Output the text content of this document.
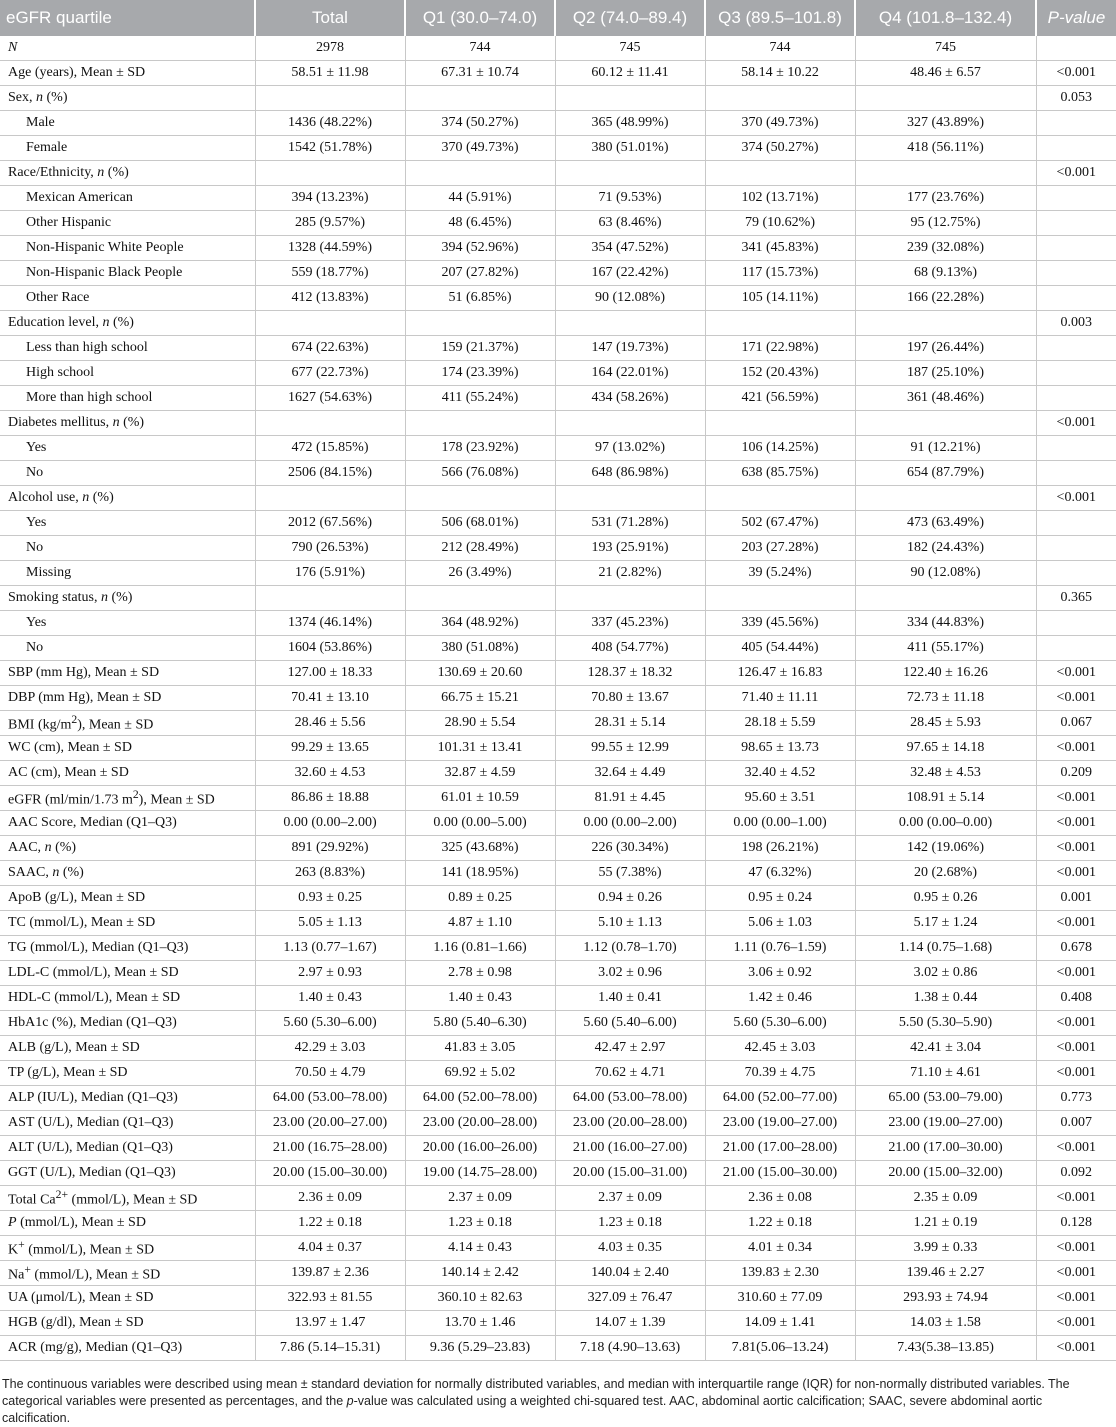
eGFR quartile	Total	Q1 (30.0–74.0)	Q2 (74.0–89.4)	Q3 (89.5–101.8)	Q4 (101.8–132.4)	P-value
N	2978	744	745	744	745	
Age (years), Mean ± SD	58.51 ± 11.98	67.31 ± 10.74	60.12 ± 11.41	58.14 ± 10.22	48.46 ± 6.57	<0.001
Sex, n (%)						0.053
Male	1436 (48.22%)	374 (50.27%)	365 (48.99%)	370 (49.73%)	327 (43.89%)	
Female	1542 (51.78%)	370 (49.73%)	380 (51.01%)	374 (50.27%)	418 (56.11%)	
Race/Ethnicity, n (%)						<0.001
Mexican American	394 (13.23%)	44 (5.91%)	71 (9.53%)	102 (13.71%)	177 (23.76%)	
Other Hispanic	285 (9.57%)	48 (6.45%)	63 (8.46%)	79 (10.62%)	95 (12.75%)	
Non-Hispanic White People	1328 (44.59%)	394 (52.96%)	354 (47.52%)	341 (45.83%)	239 (32.08%)	
Non-Hispanic Black People	559 (18.77%)	207 (27.82%)	167 (22.42%)	117 (15.73%)	68 (9.13%)	
Other Race	412 (13.83%)	51 (6.85%)	90 (12.08%)	105 (14.11%)	166 (22.28%)	
Education level, n (%)						0.003
Less than high school	674 (22.63%)	159 (21.37%)	147 (19.73%)	171 (22.98%)	197 (26.44%)	
High school	677 (22.73%)	174 (23.39%)	164 (22.01%)	152 (20.43%)	187 (25.10%)	
More than high school	1627 (54.63%)	411 (55.24%)	434 (58.26%)	421 (56.59%)	361 (48.46%)	
Diabetes mellitus, n (%)						<0.001
Yes	472 (15.85%)	178 (23.92%)	97 (13.02%)	106 (14.25%)	91 (12.21%)	
No	2506 (84.15%)	566 (76.08%)	648 (86.98%)	638 (85.75%)	654 (87.79%)	
Alcohol use, n (%)						<0.001
Yes	2012 (67.56%)	506 (68.01%)	531 (71.28%)	502 (67.47%)	473 (63.49%)	
No	790 (26.53%)	212 (28.49%)	193 (25.91%)	203 (27.28%)	182 (24.43%)	
Missing	176 (5.91%)	26 (3.49%)	21 (2.82%)	39 (5.24%)	90 (12.08%)	
Smoking status, n (%)						0.365
Yes	1374 (46.14%)	364 (48.92%)	337 (45.23%)	339 (45.56%)	334 (44.83%)	
No	1604 (53.86%)	380 (51.08%)	408 (54.77%)	405 (54.44%)	411 (55.17%)	
SBP (mm Hg), Mean ± SD	127.00 ± 18.33	130.69 ± 20.60	128.37 ± 18.32	126.47 ± 16.83	122.40 ± 16.26	<0.001
DBP (mm Hg), Mean ± SD	70.41 ± 13.10	66.75 ± 15.21	70.80 ± 13.67	71.40 ± 11.11	72.73 ± 11.18	<0.001
BMI $(kg/m^2)$, Mean ± SD	28.46 ± 5.56	28.90 ± 5.54	28.31 ± 5.14	28.18 ± 5.59	28.45 ± 5.93	0.067
WC (cm), Mean ± SD	99.29 ± 13.65	101.31 ± 13.41	99.55 ± 12.99	98.65 ± 13.73	97.65 ± 14.18	<0.001
AC (cm), Mean ± SD	32.60 ± 4.53	32.87 ± 4.59	32.64 ± 4.49	32.40 ± 4.52	32.48 ± 4.53	0.209
eGFR (ml/min/1.73 $m^2$), Mean ± SD	86.86 ± 18.88	61.01 ± 10.59	81.91 ± 4.45	95.60 ± 3.51	108.91 ± 5.14	<0.001
AAC Score, Median (Q1–Q3)	0.00 (0.00–2.00)	0.00 (0.00–5.00)	0.00 (0.00–2.00)	0.00 (0.00–1.00)	0.00 (0.00–0.00)	<0.001
AAC, n (%)	891 (29.92%)	325 (43.68%)	226 (30.34%)	198 (26.21%)	142 (19.06%)	<0.001
SAAC, n (%)	263 (8.83%)	141 (18.95%)	55 (7.38%)	47 (6.32%)	20 (2.68%)	<0.001
ApoB (g/L), Mean ± SD	0.93 ± 0.25	0.89 ± 0.25	0.94 ± 0.26	0.95 ± 0.24	0.95 ± 0.26	0.001
TC (mmol/L), Mean ± SD	5.05 ± 1.13	4.87 ± 1.10	5.10 ± 1.13	5.06 ± 1.03	5.17 ± 1.24	<0.001
TG (mmol/L), Median (Q1–Q3)	1.13 (0.77–1.67)	1.16 (0.81–1.66)	1.12 (0.78–1.70)	1.11 (0.76–1.59)	1.14 (0.75–1.68)	0.678
LDL-C (mmol/L), Mean ± SD	2.97 ± 0.93	2.78 ± 0.98	3.02 ± 0.96	3.06 ± 0.92	3.02 ± 0.86	<0.001
HDL-C (mmol/L), Mean ± SD	1.40 ± 0.43	1.40 ± 0.43	1.40 ± 0.41	1.42 ± 0.46	1.38 ± 0.44	0.408
HbA1c (%), Median (Q1–Q3)	5.60 (5.30–6.00)	5.80 (5.40–6.30)	5.60 (5.40–6.00)	5.60 (5.30–6.00)	5.50 (5.30–5.90)	<0.001
ALB (g/L), Mean ± SD	42.29 ± 3.03	41.83 ± 3.05	42.47 ± 2.97	42.45 ± 3.03	42.41 ± 3.04	<0.001
TP (g/L), Mean ± SD	70.50 ± 4.79	69.92 ± 5.02	70.62 ± 4.71	70.39 ± 4.75	71.10 ± 4.61	<0.001
ALP (IU/L), Median (Q1–Q3)	64.00 (53.00–78.00)	64.00 (52.00–78.00)	64.00 (53.00–78.00)	64.00 (52.00–77.00)	65.00 (53.00–79.00)	0.773
AST (U/L), Median (Q1–Q3)	23.00 (20.00–27.00)	23.00 (20.00–28.00)	23.00 (20.00–28.00)	23.00 (19.00–27.00)	23.00 (19.00–27.00)	0.007
ALT (U/L), Median (Q1–Q3)	21.00 (16.75–28.00)	20.00 (16.00–26.00)	21.00 (16.00–27.00)	21.00 (17.00–28.00)	21.00 (17.00–30.00)	<0.001
GGT (U/L), Median (Q1–Q3)	20.00 (15.00–30.00)	19.00 (14.75–28.00)	20.00 (15.00–31.00)	21.00 (15.00–30.00)	20.00 (15.00–32.00)	0.092
Total $Ca^{2+}$ (mmol/L), Mean ± SD	2.36 ± 0.09	2.37 ± 0.09	2.37 ± 0.09	2.36 ± 0.08	2.35 ± 0.09	<0.001
P (mmol/L), Mean ± SD	1.22 ± 0.18	1.23 ± 0.18	1.23 ± 0.18	1.22 ± 0.18	1.21 ± 0.19	0.128
K+ (mmol/L), Mean ± SD	4.04 ± 0.37	4.14 ± 0.43	4.03 ± 0.35	4.01 ± 0.34	3.99 ± 0.33	<0.001
Na+ (mmol/L), Mean ± SD	139.87 ± 2.36	140.14 ± 2.42	140.04 ± 2.40	139.83 ± 2.30	139.46 ± 2.27	<0.001
UA (μmol/L), Mean ± SD	322.93 ± 81.55	360.10 ± 82.63	327.09 ± 76.47	310.60 ± 77.09	293.93 ± 74.94	<0.001
HGB (g/dl), Mean ± SD	13.97 ± 1.47	13.70 ± 1.46	14.07 ± 1.39	14.09 ± 1.41	14.03 ± 1.58	<0.001
ACR (mg/g), Median (Q1–Q3)	7.86 (5.14–15.31)	9.36 (5.29–23.83)	7.18 (4.90–13.63)	7.81(5.06–13.24)	7.43(5.38–13.85)	<0.001

The continuous variables were described using mean ± standard deviation for normally distributed variables, and median with interquartile range (IQR) for non-normally distributed variables. The categorical variables were presented as percentages, and the p-value was calculated using a weighted chi-squared test. AAC, abdominal aortic calcification; SAAC, severe abdominal aortic calcification.
